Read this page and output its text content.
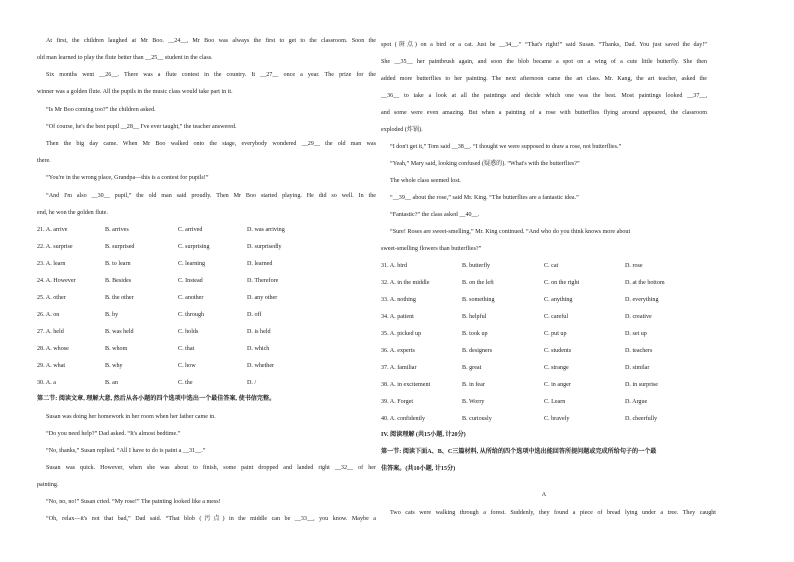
At first, the children laughed at Mr Boo. __24__, Mr Boo was always the first to get to the classroom. Soon the
old man learned to play the flute better than __25__ student in the class.
Six months went __26__. There was a flute contest in the country. It __27__ once a year. The prize for the
winner was a golden flute. All the pupils in the music class would take part in it.
“Is Mr Boo coming too?” the children asked.
“Of course, he's the best pupil __28__ I've ever taught,” the teacher answered.
Then the big day came. When Mr Boo walked onto the stage, everybody wondered __29__ the old man was
there.
“You're in the wrong place, Grandpa—this is a contest for pupils!”
“And I'm also __30__ pupil,” the old man said proudly. Then Mr Boo started playing. He did so well. In the
end, he won the golden flute.
21. A. arrive	B. arrives	C. arrived	D. was arriving
22. A. surprise	B. surprised	C. surprising	D. surprisedly
23. A. learn	B. to learn	C. learning	D. learned
24. A. However	B. Besides	C. Instead	D. Therefore
25. A. other	B. the other	C. another	D. any other
26. A. on	B. by	C. through	D. off
27. A. held	B. was held	C. holds	D. is held
28. A. whose	B. whom	C. that	D. which
29. A. what	B. why	C. how	D. whether
30. A. a	B. an	C. the	D. /
第二节: 阅读文章, 理解大意, 然后从各小题的四个选项中选出一个最佳答案, 使书信完整。
Susan was doing her homework in her room when her father came in.
“Do you need help?” Dad asked. “It's almost bedtime.”
“No, thanks,” Susan replied. “All I have to do is paint a __31__.”
Susan was quick. However, when she was about to finish, some paint dropped and landed right __32__ of her
painting.
“No, no, no!” Susan cried. “My rose!” The painting looked like a mess!
“Oh, relax—it's not that bad,” Dad said. “That blob (污点) in the middle can be __33__, you know. Maybe a
spot (斑点) on a bird or a cat. Just be __34__.” “That's right!” said Susan. “Thanks, Dad. You just saved the day!”
She __35__ her paintbrush again, and soon the blob became a spot on a wing of a cute little butterfly. She then
added more butterflies to her painting. The next afternoon came the art class. Mr. Kang, the art teacher, asked the
__36__ to take a look at all the paintings and decide which one was the best. Most paintings looked __37__,
and some were even amazing. But when a painting of a rose with butterflies flying around appeared, the classroom
exploded (炸锅).
“I don't get it,” Tom said __38__. “I thought we were supposed to draw a rose, not butterflies.”
“Yeah,” Mary said, looking confused (疑惑的). “What's with the butterflies?”
The whole class seemed lost.
“__39__ about the rose,” said Mr. King. “The butterflies are a fantastic idea.”
“Fantastic?” the class asked __40__.
“Sure! Roses are sweet-smelling,” Mr. King continued. “And who do you think knows more about
sweet-smelling flowers than butterflies?”
31. A. bird	B. butterfly	C. cat	D. rose
32. A. in the middle	B. on the left	C. on the right	D. at the bottom
33. A. nothing	B. something	C. anything	D. everything
34. A. patient	B. helpful	C. careful	D. creative
35. A. picked up	B. took up	C. put up	D. set up
36. A. experts	B. designers	C. students	D. teachers
37. A. familiar	B. great	C. strange	D. similar
38. A. in excitement	B. in fear	C. in anger	D. in surprise
39. A. Forget	B. Worry	C. Learn	D. Argue
40. A. confidently	B. curiously	C. bravely	D. cheerfully
IV. 阅读理解 (共15小题, 计20分)
第一节: 阅读下面A、B、C三篇材料, 从所给的四个选项中选出能回答所提问题或完成所给句子的一个最
佳答案。(共10小题, 计15分)
A
Two cats were walking through a forest. Suddenly, they found a piece of bread lying under a tree. They caught
